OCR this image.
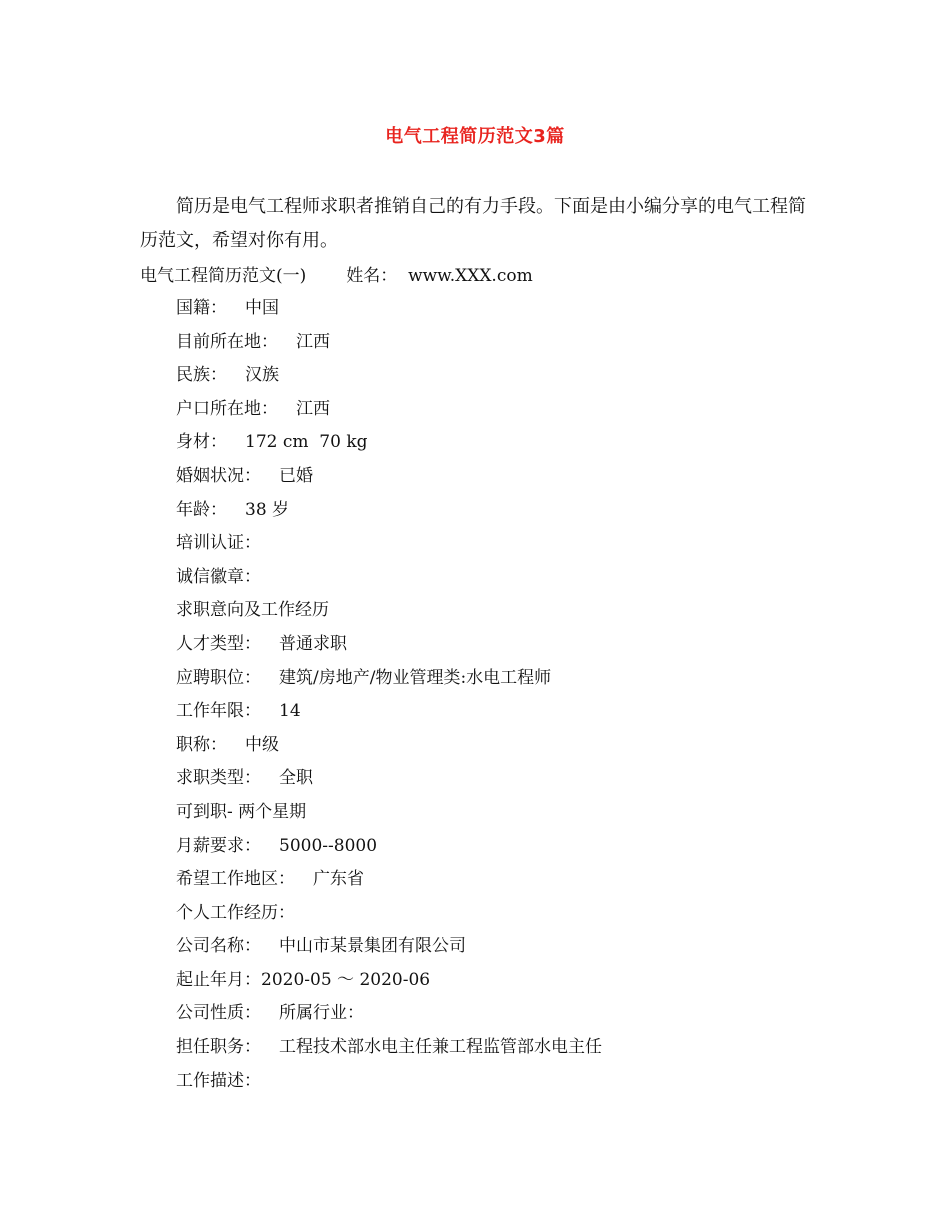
电气工程简历范文3篇
简历是电气工程师求职者推销自己的有力手段。下面是由小编分享的电气工程简历范文，希望对你有用。
电气工程简历范文(一) 姓名： www.XXX.com
国籍： 中国
目前所在地： 江西
民族： 汉族
户口所在地： 江西
身材： 172 cm  70 kg
婚姻状况： 已婚
年龄： 38 岁
培训认证：
诚信徽章：
求职意向及工作经历
人才类型： 普通求职
应聘职位： 建筑/房地产/物业管理类:水电工程师
工作年限： 14
职称： 中级
求职类型： 全职
可到职- 两个星期
月薪要求： 5000--8000
希望工作地区： 广东省
个人工作经历：
公司名称： 中山市某景集团有限公司
起止年月：2020-05 ～ 2020-06
公司性质： 所属行业：
担任职务： 工程技术部水电主任兼工程监管部水电主任
工作描述：
